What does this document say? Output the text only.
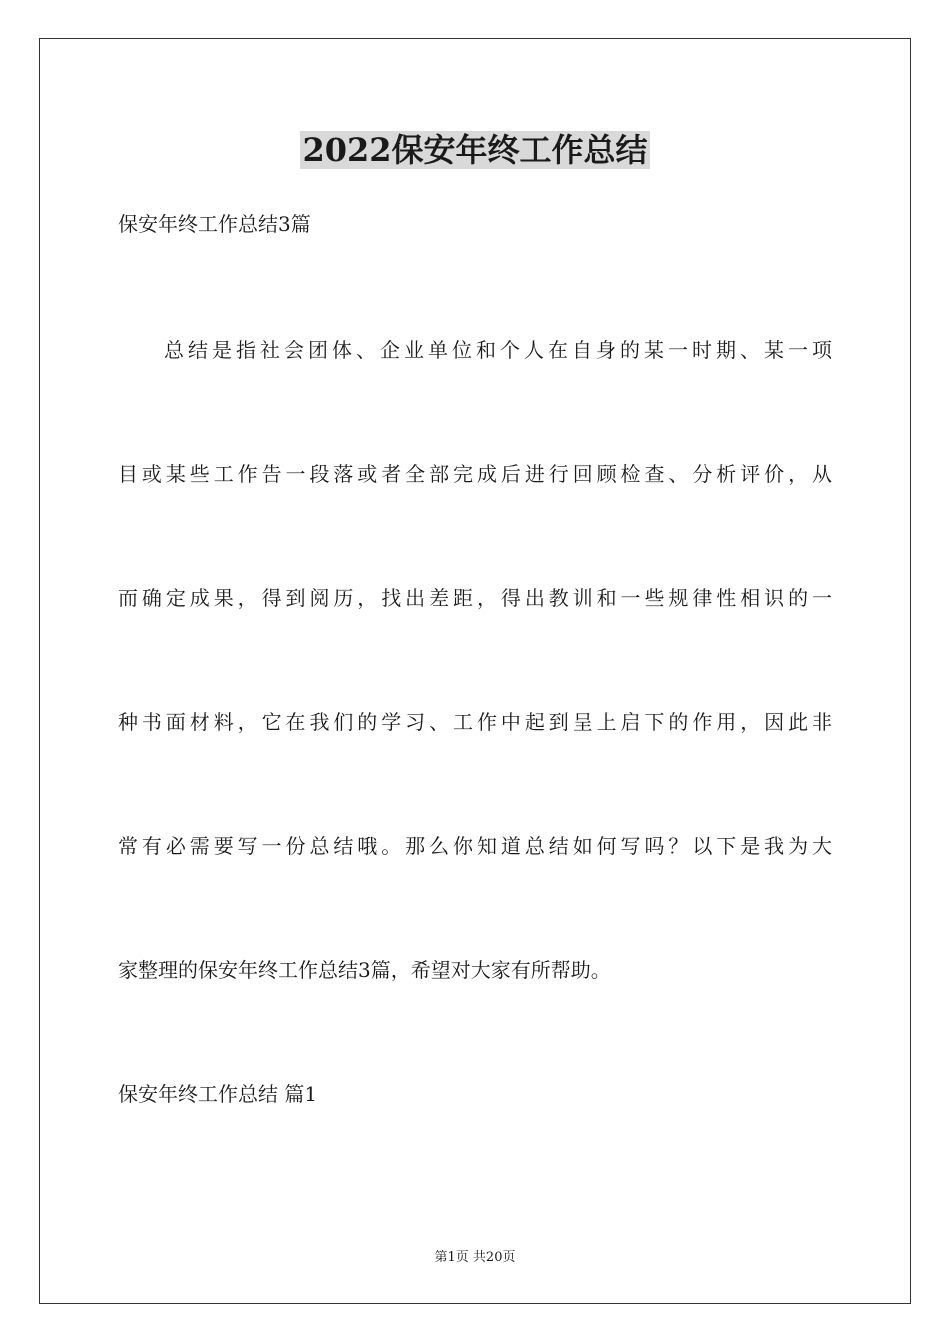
2022保安年终工作总结
保安年终工作总结3篇
总结是指社会团体、企业单位和个人在自身的某一时期、某一项
目或某些工作告一段落或者全部完成后进行回顾检查、分析评价，从
而确定成果，得到阅历，找出差距，得出教训和一些规律性相识的一
种书面材料，它在我们的学习、工作中起到呈上启下的作用，因此非
常有必需要写一份总结哦。那么你知道总结如何写吗？以下是我为大
家整理的保安年终工作总结3篇，希望对大家有所帮助。
保安年终工作总结 篇1
第1页 共20页
